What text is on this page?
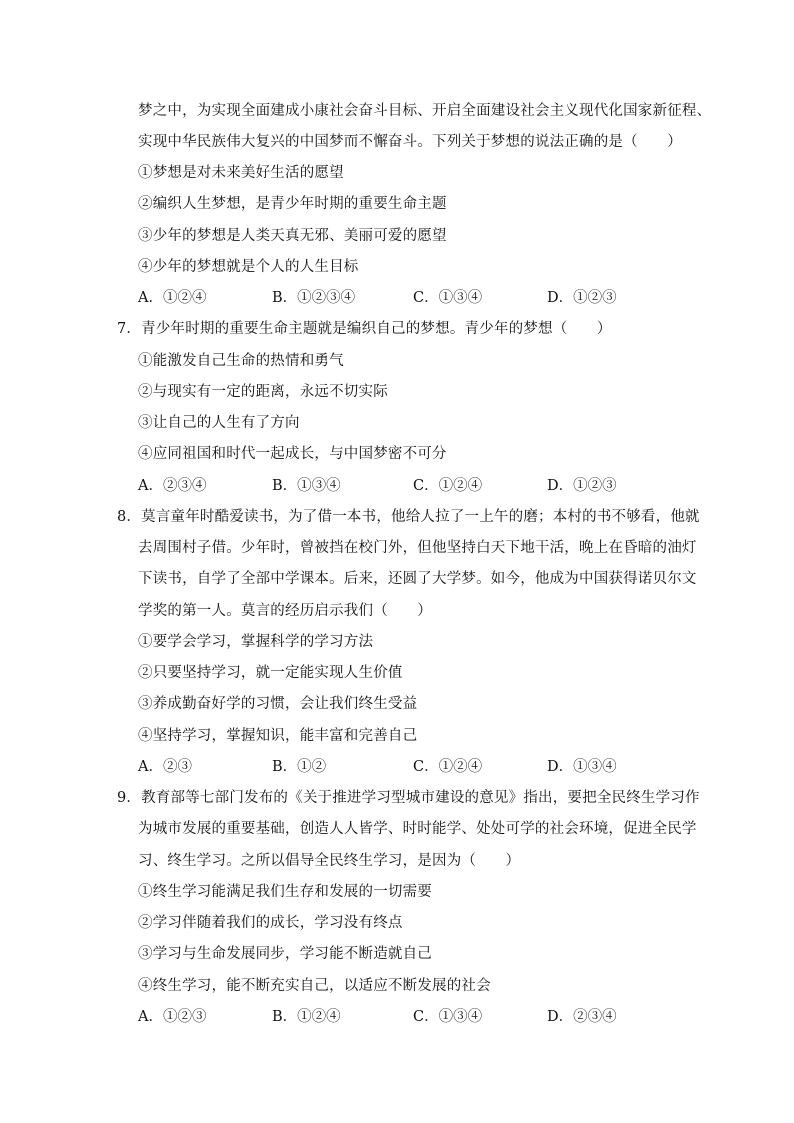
梦之中，为实现全面建成小康社会奋斗目标、开启全面建设社会主义现代化国家新征程、
实现中华民族伟大复兴的中国梦而不懈奋斗。下列关于梦想的说法正确的是（　　）
①梦想是对未来美好生活的愿望
②编织人生梦想，是青少年时期的重要生命主题
③少年的梦想是人类天真无邪、美丽可爱的愿望
④少年的梦想就是个人的人生目标
A．①②④	B．①②③④	C．①③④	D．①②③
7．青少年时期的重要生命主题就是编织自己的梦想。青少年的梦想（　　）
①能激发自己生命的热情和勇气
②与现实有一定的距离，永远不切实际
③让自己的人生有了方向
④应同祖国和时代一起成长，与中国梦密不可分
A．②③④	B．①③④	C．①②④	D．①②③
8．莫言童年时酷爱读书，为了借一本书，他给人拉了一上午的磨；本村的书不够看，他就
去周围村子借。少年时，曾被挡在校门外，但他坚持白天下地干活，晚上在昏暗的油灯
下读书，自学了全部中学课本。后来，还圆了大学梦。如今，他成为中国获得诺贝尔文
学奖的第一人。莫言的经历启示我们（　　）
①要学会学习，掌握科学的学习方法
②只要坚持学习，就一定能实现人生价值
③养成勤奋好学的习惯，会让我们终生受益
④坚持学习，掌握知识，能丰富和完善自己
A．②③	B．①②	C．①②④	D．①③④
9．教育部等七部门发布的《关于推进学习型城市建设的意见》指出，要把全民终生学习作
为城市发展的重要基础，创造人人皆学、时时能学、处处可学的社会环境，促进全民学
习、终生学习。之所以倡导全民终生学习，是因为（　　）
①终生学习能满足我们生存和发展的一切需要
②学习伴随着我们的成长，学习没有终点
③学习与生命发展同步，学习能不断造就自己
④终生学习，能不断充实自己，以适应不断发展的社会
A．①②③	B．①②④	C．①③④	D．②③④
